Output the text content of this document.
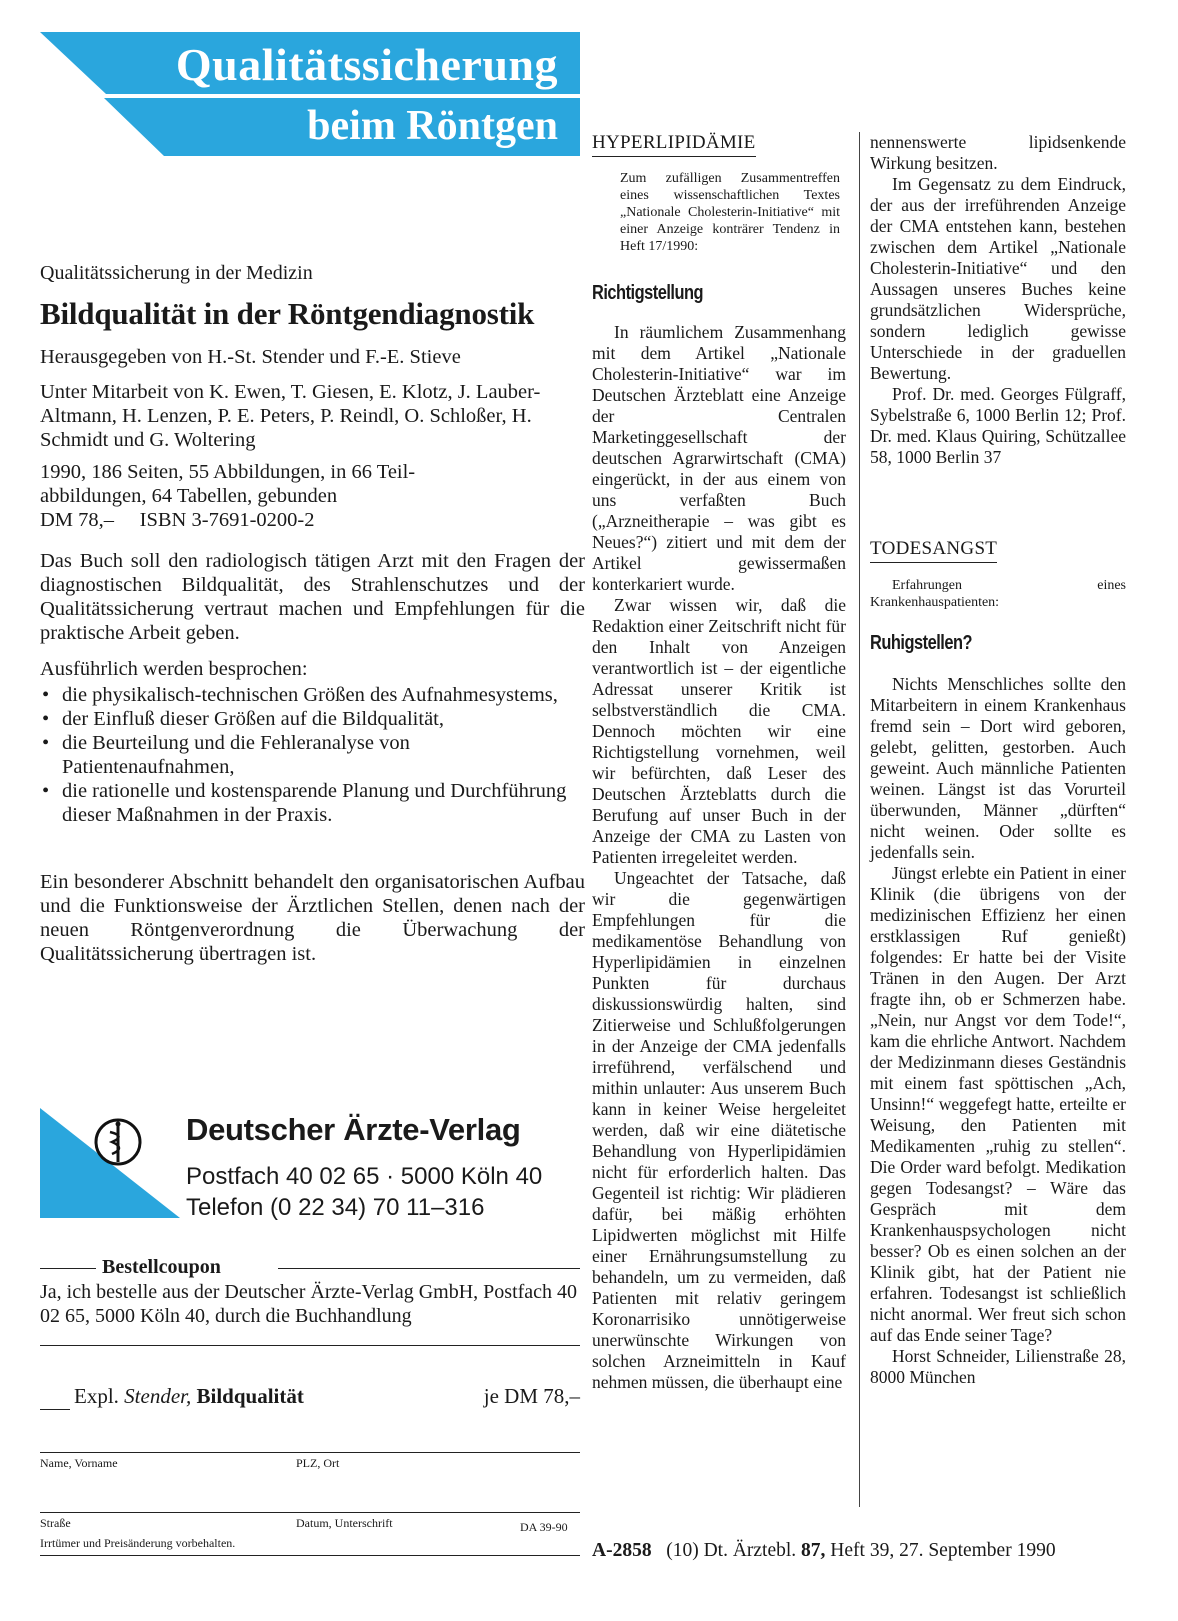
Qualitätssicherung
beim Röntgen
Qualitätssicherung in der Medizin
Bildqualität in der Röntgendiagnostik
Herausgegeben von H.-St. Stender und F.-E. Stieve
Unter Mitarbeit von K. Ewen, T. Giesen, E. Klotz, J. Lauber-Altmann, H. Lenzen, P. E. Peters, P. Reindl, O. Schloßer, H. Schmidt und G. Woltering
1990, 186 Seiten, 55 Abbildungen, in 66 Teil-
abbildungen, 64 Tabellen, gebunden
DM 78,–     ISBN 3-7691-0200-2
Das Buch soll den radiologisch tätigen Arzt mit den Fragen der diagnostischen Bildqualität, des Strahlenschutzes und der Qualitätssicherung vertraut machen und Empfehlungen für die praktische Arbeit geben.
Ausführlich werden besprochen:
• die physikalisch-technischen Größen des Aufnahmesystems,
• der Einfluß dieser Größen auf die Bildqualität,
• die Beurteilung und die Fehleranalyse von Patientenaufnahmen,
• die rationelle und kostensparende Planung und Durchführung dieser Maßnahmen in der Praxis.
Ein besonderer Abschnitt behandelt den organisatorischen Aufbau und die Funktionsweise der Ärztlichen Stellen, denen nach der neuen Röntgenverordnung die Überwachung der Qualitätssicherung übertragen ist.
Deutscher Ärzte-Verlag
Postfach 40 02 65 · 5000 Köln 40
Telefon (0 22 34) 70 11–316
Bestellcoupon
Ja, ich bestelle aus der Deutscher Ärzte-Verlag GmbH, Postfach 40 02 65, 5000 Köln 40, durch die Buchhandlung
Expl. Stender, Bildqualität	je DM 78,–
Name, Vorname	PLZ, Ort
Straße	Datum, Unterschrift	DA 39-90
Irrtümer und Preisänderung vorbehalten.
HYPERLIPIDÄMIE
Zum zufälligen Zusammentreffen eines wissenschaftlichen Textes „Nationale Cholesterin-Initiative“ mit einer Anzeige konträrer Tendenz in Heft 17/1990:
Richtigstellung

In räumlichem Zusammenhang mit dem Artikel „Nationale Cholesterin-Initiative“ war im Deutschen Ärzteblatt eine Anzeige der Centralen Marketinggesellschaft der deutschen Agrarwirtschaft (CMA) eingerückt, in der aus einem von uns verfaßten Buch („Arzneitherapie – was gibt es Neues?“) zitiert und mit dem der Artikel gewissermaßen konterkariert wurde.

Zwar wissen wir, daß die Redaktion einer Zeitschrift nicht für den Inhalt von Anzeigen verantwortlich ist – der eigentliche Adressat unserer Kritik ist selbstverständlich die CMA. Dennoch möchten wir eine Richtigstellung vornehmen, weil wir befürchten, daß Leser des Deutschen Ärzteblatts durch die Berufung auf unser Buch in der Anzeige der CMA zu Lasten von Patienten irregeleitet werden.

Ungeachtet der Tatsache, daß wir die gegenwärtigen Empfehlungen für die medikamentöse Behandlung von Hyperlipidämien in einzelnen Punkten für durchaus diskussionswürdig halten, sind Zitierweise und Schlußfolgerungen in der Anzeige der CMA jedenfalls irreführend, verfälschend und mithin unlauter: Aus unserem Buch kann in keiner Weise hergeleitet werden, daß wir eine diätetische Behandlung von Hyperlipidämien nicht für erforderlich halten. Das Gegenteil ist richtig: Wir plädieren dafür, bei mäßig erhöhten Lipidwerten möglichst mit Hilfe einer Ernährungsumstellung zu behandeln, um zu vermeiden, daß Patienten mit relativ geringem Koronarrisiko unnötigerweise unerwünschte Wirkungen von solchen Arzneimitteln in Kauf nehmen müssen, die überhaupt eine

nennenswerte lipidsenkende Wirkung besitzen.

Im Gegensatz zu dem Eindruck, der aus der irreführenden Anzeige der CMA entstehen kann, bestehen zwischen dem Artikel „Nationale Cholesterin-Initiative“ und den Aussagen unseres Buches keine grundsätzlichen Widersprüche, sondern lediglich gewisse Unterschiede in der graduellen Bewertung.

Prof. Dr. med. Georges Fülgraff, Sybelstraße 6, 1000 Berlin 12; Prof. Dr. med. Klaus Quiring, Schützallee 58, 1000 Berlin 37

TODESANGST
Erfahrungen eines Krankenhauspatienten:
Ruhigstellen?

Nichts Menschliches sollte den Mitarbeitern in einem Krankenhaus fremd sein – Dort wird geboren, gelebt, gelitten, gestorben. Auch geweint. Auch männliche Patienten weinen. Längst ist das Vorurteil überwunden, Männer „dürften“ nicht weinen. Oder sollte es jedenfalls sein.

Jüngst erlebte ein Patient in einer Klinik (die übrigens von der medizinischen Effizienz her einen erstklassigen Ruf genießt) folgendes: Er hatte bei der Visite Tränen in den Augen. Der Arzt fragte ihn, ob er Schmerzen habe. „Nein, nur Angst vor dem Tode!“, kam die ehrliche Antwort. Nachdem der Medizinmann dieses Geständnis mit einem fast spöttischen „Ach, Unsinn!“ weggefegt hatte, erteilte er Weisung, den Patienten mit Medikamenten „ruhig zu stellen“. Die Order ward befolgt. Medikation gegen Todesangst? – Wäre das Gespräch mit dem Krankenhauspsychologen nicht besser? Ob es einen solchen an der Klinik gibt, hat der Patient nie erfahren. Todesangst ist schließlich nicht anormal. Wer freut sich schon auf das Ende seiner Tage?

Horst Schneider, Lilienstraße 28, 8000 München

A-2858 (10) Dt. Ärztebl. 87, Heft 39, 27. September 1990
